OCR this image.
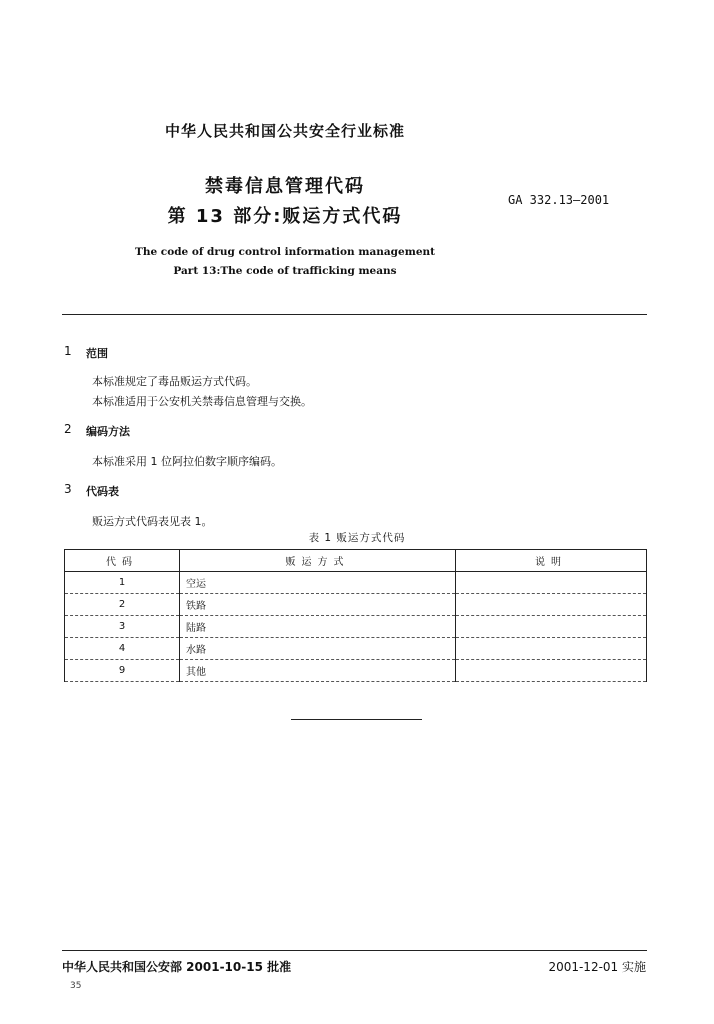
中华人民共和国公共安全行业标准
禁毒信息管理代码
第 13 部分:贩运方式代码
GA 332.13—2001
The code of drug control information management
Part 13:The code of trafficking means
1 范围
本标准规定了毒品贩运方式代码。
本标准适用于公安机关禁毒信息管理与交换。
2 编码方法
本标准采用 1 位阿拉伯数字顺序编码。
3 代码表
贩运方式代码表见表 1。
表 1 贩运方式代码
代码	贩运方式	说明
1	空运	
2	铁路	
3	陆路	
4	水路	
9	其他	
中华人民共和国公安部 2001-10-15 批准	2001-12-01 实施
35
